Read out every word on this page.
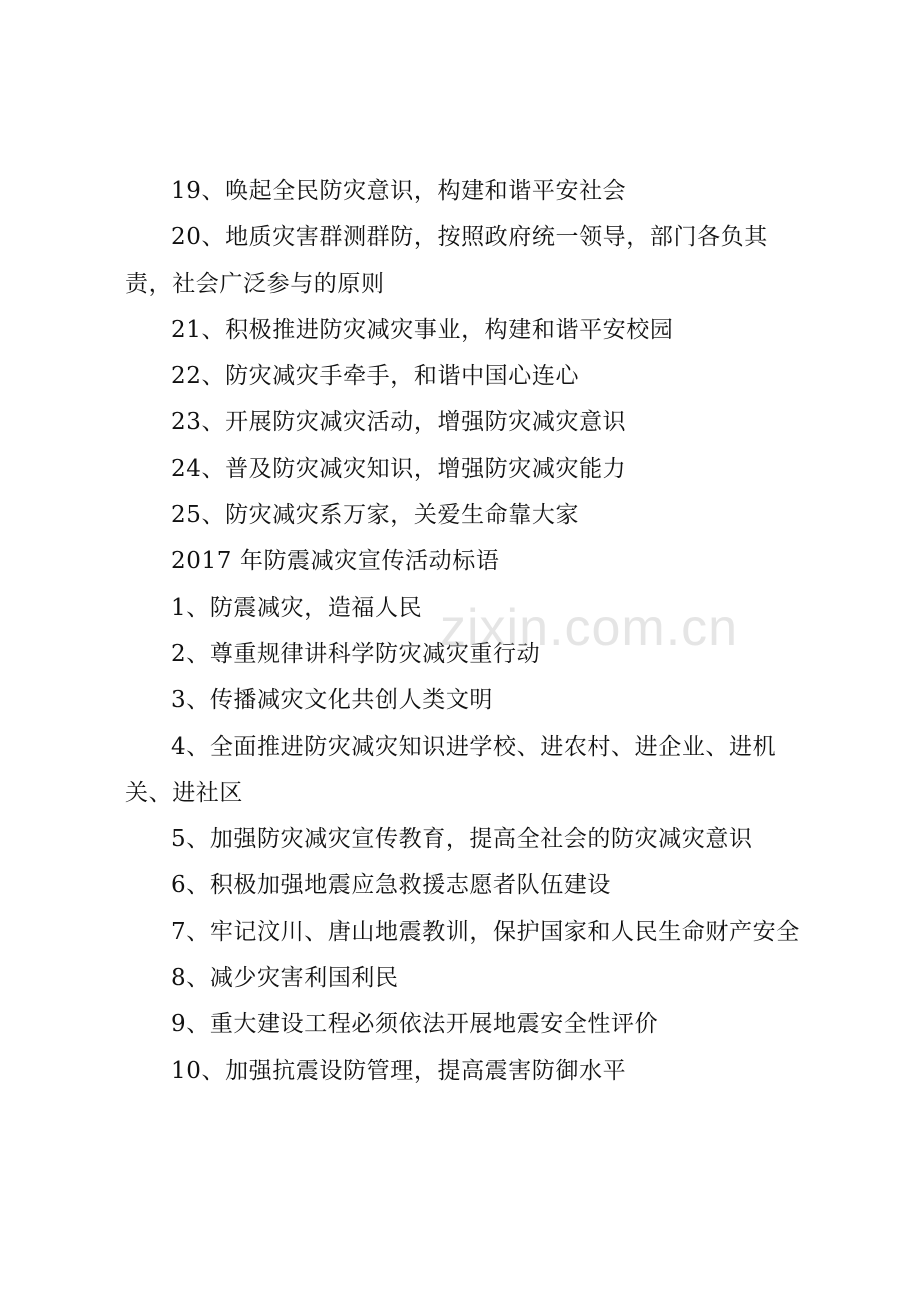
19、唤起全民防灾意识，构建和谐平安社会

20、地质灾害群测群防，按照政府统一领导，部门各负其责，社会广泛参与的原则

21、积极推进防灾减灾事业，构建和谐平安校园

22、防灾减灾手牵手，和谐中国心连心

23、开展防灾减灾活动，增强防灾减灾意识

24、普及防灾减灾知识，增强防灾减灾能力

25、防灾减灾系万家，关爱生命靠大家

2017 年防震减灾宣传活动标语

1、防震减灾，造福人民

2、尊重规律讲科学防灾减灾重行动

3、传播减灾文化共创人类文明

4、全面推进防灾减灾知识进学校、进农村、进企业、进机关、进社区

5、加强防灾减灾宣传教育，提高全社会的防灾减灾意识

6、积极加强地震应急救援志愿者队伍建设

7、牢记汶川、唐山地震教训，保护国家和人民生命财产安全

8、减少灾害利国利民

9、重大建设工程必须依法开展地震安全性评价

10、加强抗震设防管理，提高震害防御水平

zixin.com.cn
